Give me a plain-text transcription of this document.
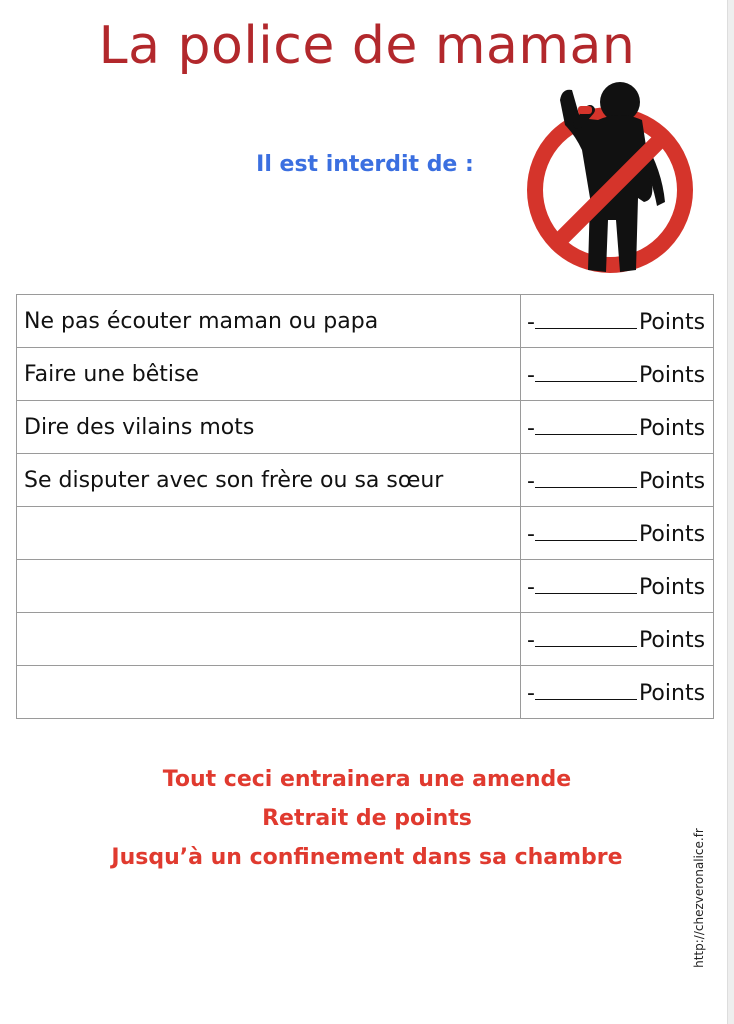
La police de maman
Il est interdit de :
Ne pas écouter maman ou papa	- Points
Faire une bêtise	- Points
Dire des vilains mots	- Points
Se disputer avec son frère ou sa sœur	- Points
	- Points
	- Points
	- Points
	- Points
Tout ceci entrainera une amende
Retrait de points
Jusqu’à un confinement dans sa chambre	http://chezveronalice.fr
